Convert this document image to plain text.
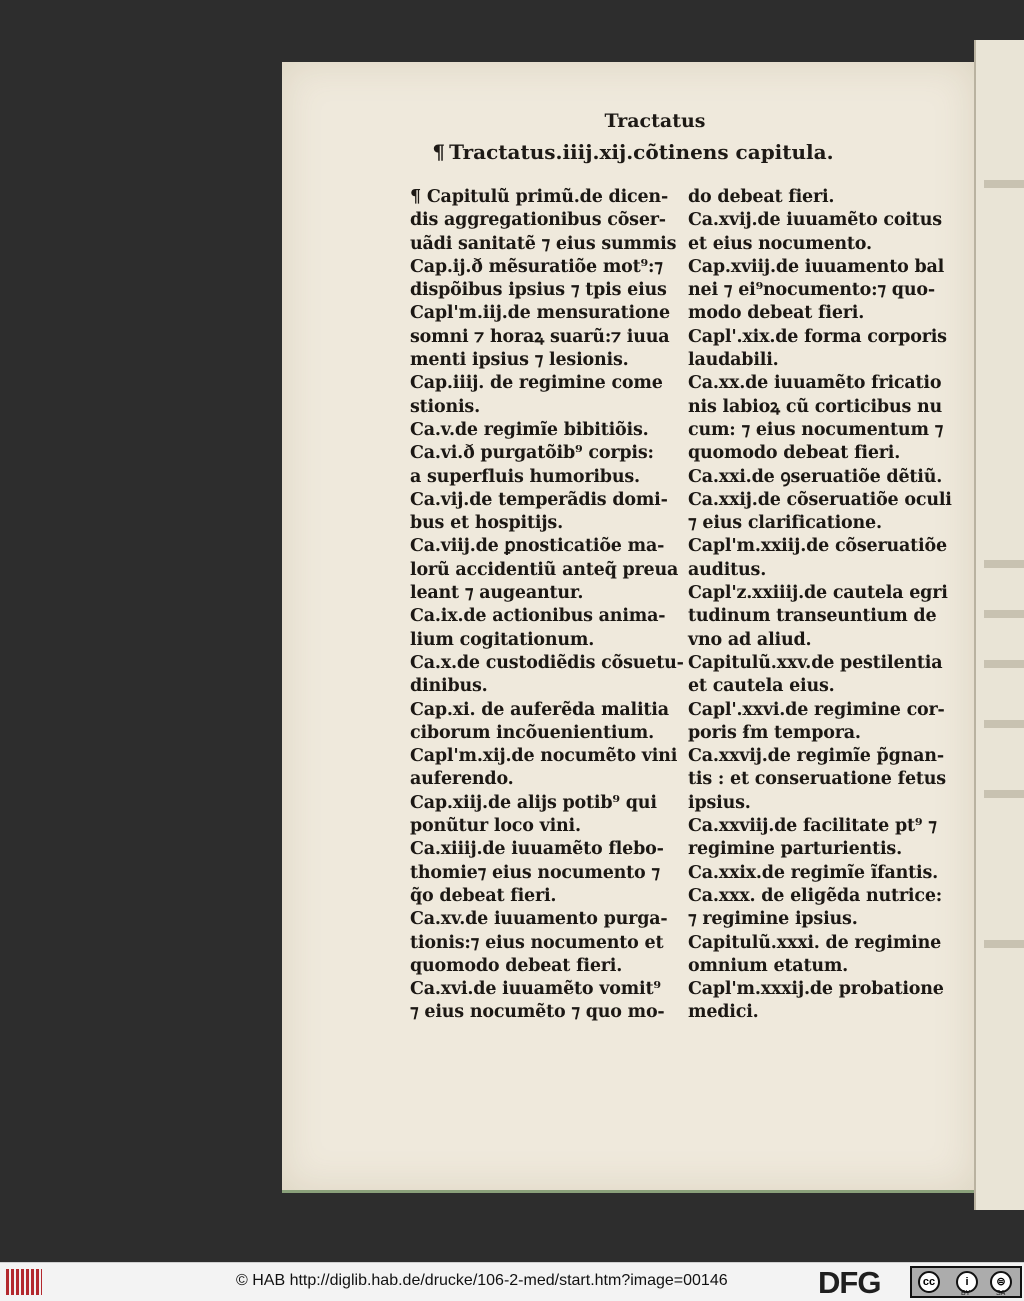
Tractatus
¶ Tractatus.iiij.xij.cõtinens capitula.
¶ Capitulũ primũ.de dicen-
dis aggregationibus cõser-
uãdi sanitatẽ ⁊ eius summis
Cap.ij.ð mẽsuratiõe mot⁹:⁊
dispõibus ipsius ⁊ tpis eius
Capl'm.iij.de mensuratione
somni ⁊ horaꝝ suarũ:⁊ iuua
menti ipsius ⁊ lesionis.
Cap.iiij. de regimine come
stionis.
Ca.v.de regimĩe bibitiõis.
Ca.vi.ð purgatõib⁹ corpis:
a superfluis humoribus.
Ca.vij.de temperãdis domi-
bus et hospitijs.
Ca.viij.de ꝑnosticatiõe ma-
lorũ accidentiũ anteq̃ preua
leant ⁊ augeantur.
Ca.ix.de actionibus anima-
lium cogitationum.
Ca.x.de custodiẽdis cõsuetu-
dinibus.
Cap.xi. de auferẽda malitia
ciborum incõuenientium.
Capl'm.xij.de nocumẽto vini
auferendo.
Cap.xiij.de alijs potib⁹ qui
ponũtur loco vini.
Ca.xiiij.de iuuamẽto flebo-
thomie⁊ eius nocumento ⁊
q̃o debeat fieri.
Ca.xv.de iuuamento purga-
tionis:⁊ eius nocumento et
quomodo debeat fieri.
Ca.xvi.de iuuamẽto vomit⁹
⁊ eius nocumẽto ⁊ quo mo-
do debeat fieri.
Ca.xvij.de iuuamẽto coitus
et eius nocumento.
Cap.xviij.de iuuamento bal
nei ⁊ ei⁹nocumento:⁊ quo-
modo debeat fieri.
Capl'.xix.de forma corporis
laudabili.
Ca.xx.de iuuamẽto fricatio
nis labioꝝ cũ corticibus nu
cum: ⁊ eius nocumentum ⁊
quomodo debeat fieri.
Ca.xxi.de ꝯseruatiõe dẽtiũ.
Ca.xxij.de cõseruatiõe oculi
⁊ eius clarificatione.
Capl'm.xxiij.de cõseruatiõe
auditus.
Capl'z.xxiiij.de cautela egri
tudinum transeuntium de
vno ad aliud.
Capitulũ.xxv.de pestilentia
et cautela eius.
Capl'.xxvi.de regimine cor-
poris ẜm tempora.
Ca.xxvij.de regimĩe p̃gnan-
tis : et conseruatione fetus
ipsius.
Ca.xxviij.de facilitate pt⁹ ⁊
regimine parturientis.
Ca.xxix.de regimĩe ĩfantis.
Ca.xxx. de eligẽda nutrice:
⁊ regimine ipsius.
Capitulũ.xxxi. de regimine
omnium etatum.
Capl'm.xxxij.de probatione
medici.
© HAB http://diglib.hab.de/drucke/106-2-med/start.htm?image=00146	DFG	cc	i	⊜
BY	SA
